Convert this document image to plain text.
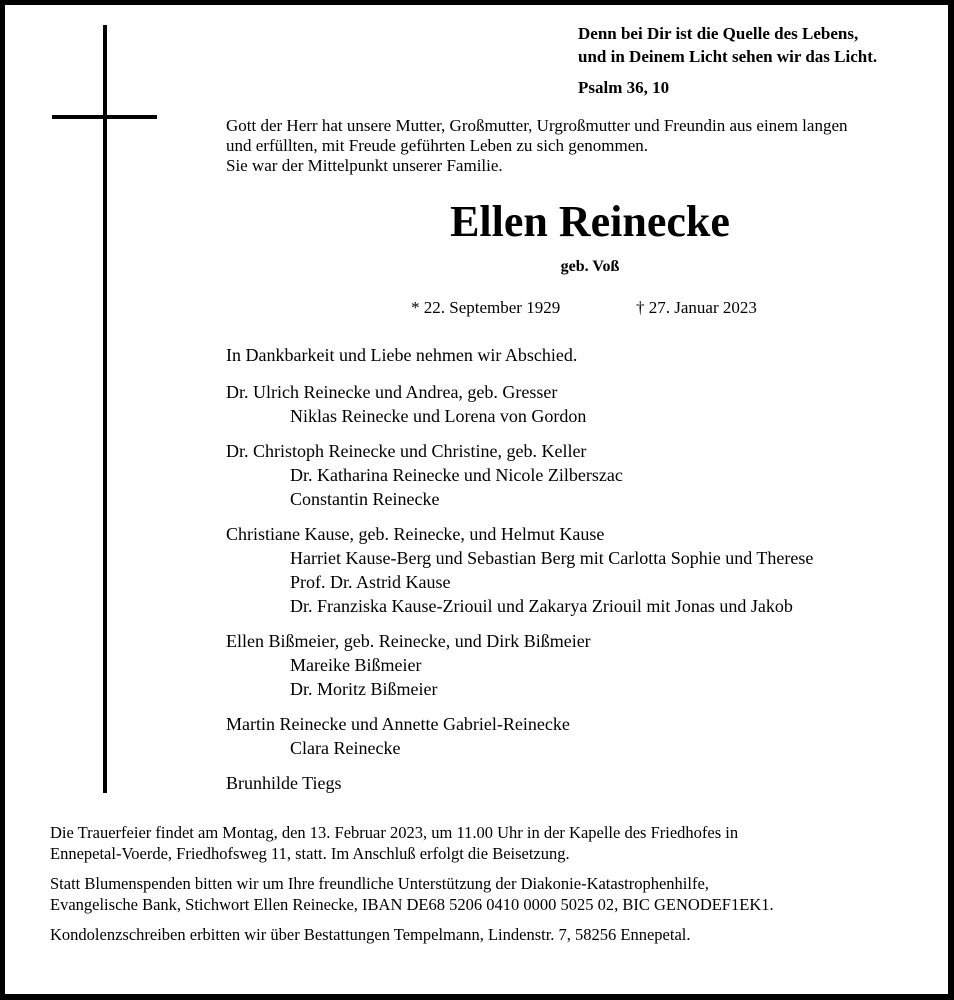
Denn bei Dir ist die Quelle des Lebens,
und in Deinem Licht sehen wir das Licht.
Psalm 36, 10
Gott der Herr hat unsere Mutter, Großmutter, Urgroßmutter und Freundin aus einem langen
und erfüllten, mit Freude geführten Leben zu sich genommen.
Sie war der Mittelpunkt unserer Familie.
Ellen Reinecke
geb. Voß
* 22. September 1929	† 27. Januar 2023
In Dankbarkeit und Liebe nehmen wir Abschied.
Dr. Ulrich Reinecke und Andrea, geb. Gresser
Niklas Reinecke und Lorena von Gordon
Dr. Christoph Reinecke und Christine, geb. Keller
Dr. Katharina Reinecke und Nicole Zilberszac
Constantin Reinecke
Christiane Kause, geb. Reinecke, und Helmut Kause
Harriet Kause-Berg und Sebastian Berg mit Carlotta Sophie und Therese
Prof. Dr. Astrid Kause
Dr. Franziska Kause-Zriouil und Zakarya Zriouil mit Jonas und Jakob
Ellen Bißmeier, geb. Reinecke, und Dirk Bißmeier
Mareike Bißmeier
Dr. Moritz Bißmeier
Martin Reinecke und Annette Gabriel-Reinecke
Clara Reinecke
Brunhilde Tiegs

Die Trauerfeier findet am Montag, den 13. Februar 2023, um 11.00 Uhr in der Kapelle des Friedhofes in
Ennepetal-Voerde, Friedhofsweg 11, statt. Im Anschluß erfolgt die Beisetzung.

Statt Blumenspenden bitten wir um Ihre freundliche Unterstützung der Diakonie-Katastrophenhilfe,
Evangelische Bank, Stichwort Ellen Reinecke, IBAN DE68 5206 0410 0000 5025 02, BIC GENODEF1EK1.

Kondolenzschreiben erbitten wir über Bestattungen Tempelmann, Lindenstr. 7, 58256 Ennepetal.
